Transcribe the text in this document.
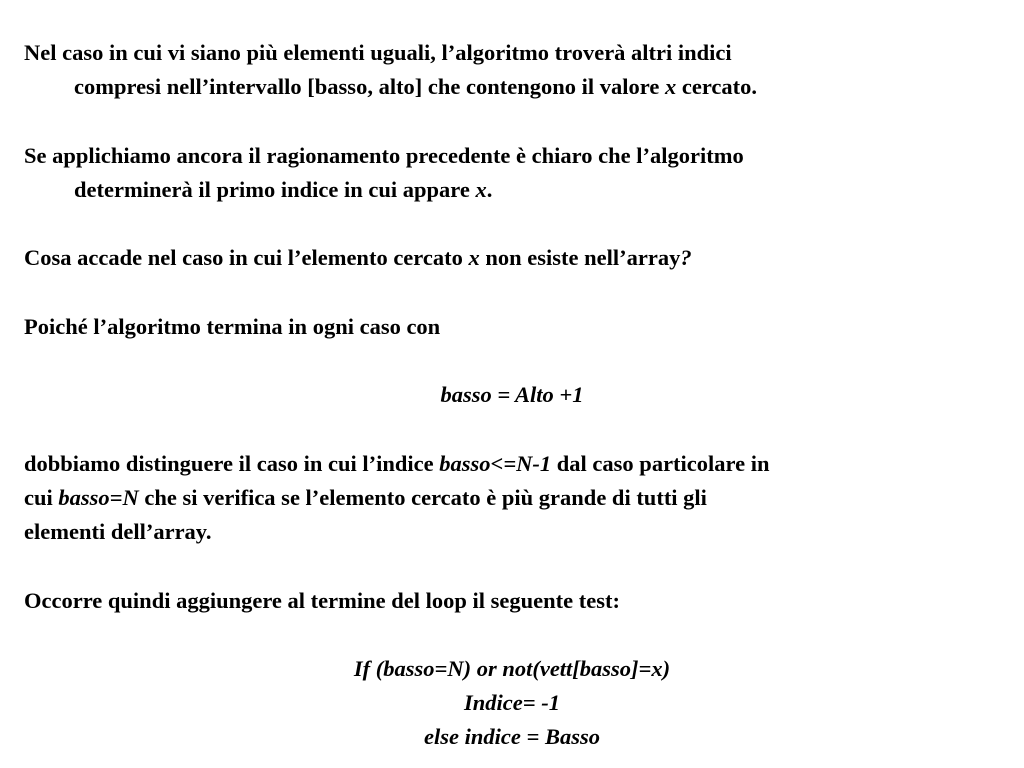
Nel caso in cui vi siano più elementi uguali, l’algoritmo troverà altri indici

compresi nell’intervallo [basso, alto] che contengono il valore x cercato.

Se applichiamo ancora il ragionamento precedente è chiaro che l’algoritmo

determinerà il primo indice in cui appare x.

Cosa accade nel caso in cui l’elemento cercato x non esiste nell’array?

Poiché l’algoritmo termina in ogni caso con

basso = Alto +1

dobbiamo distinguere il caso in cui l’indice basso<=N-1 dal caso particolare in

cui basso=N che si verifica se l’elemento cercato è più grande di tutti gli

elementi dell’array.

Occorre quindi aggiungere al termine del loop il seguente test:

If (basso=N) or not(vett[basso]=x)

Indice= -1

else indice = Basso
